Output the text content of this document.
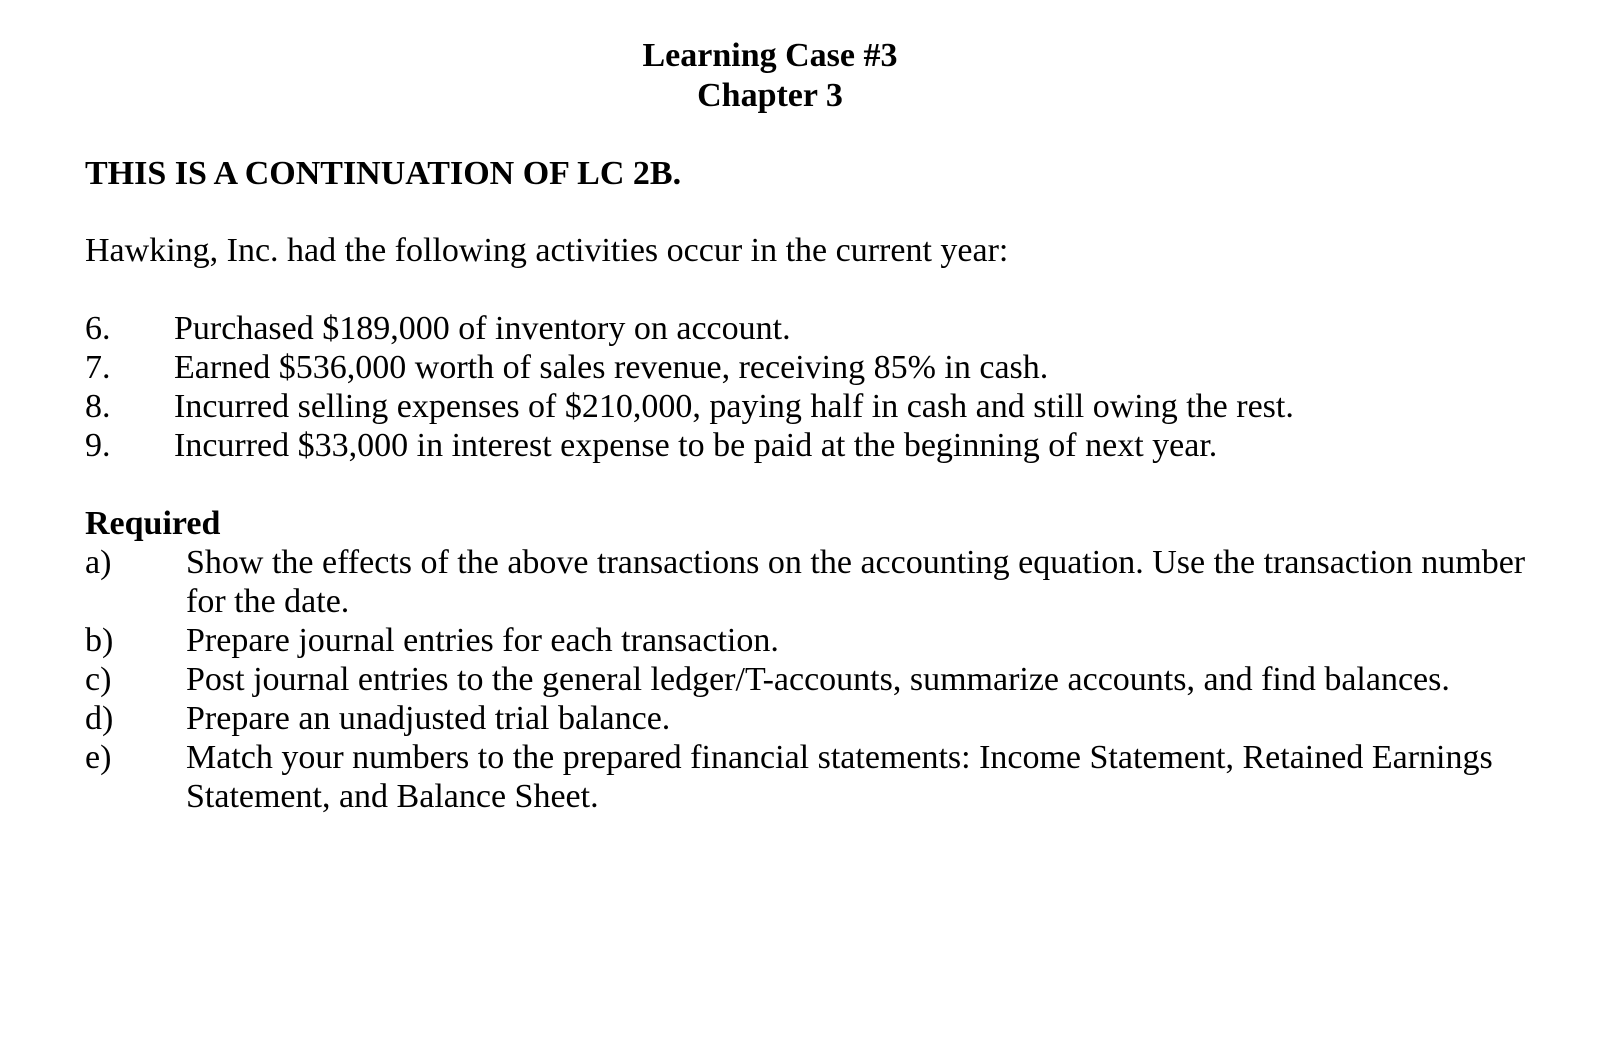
Learning Case #3
Chapter 3
THIS IS A CONTINUATION OF LC 2B.
Hawking, Inc. had the following activities occur in the current year:
6.	Purchased $189,000 of inventory on account.
7.	Earned $536,000 worth of sales revenue, receiving 85% in cash.
8.	Incurred selling expenses of $210,000, paying half in cash and still owing the rest.
9.	Incurred $33,000 in interest expense to be paid at the beginning of next year.
Required
a)	Show the effects of the above transactions on the accounting equation. Use the transaction number for the date.
b)	Prepare journal entries for each transaction.
c)	Post journal entries to the general ledger/T-accounts, summarize accounts, and find balances.
d)	Prepare an unadjusted trial balance.
e)	Match your numbers to the prepared financial statements: Income Statement, Retained Earnings Statement, and Balance Sheet.
